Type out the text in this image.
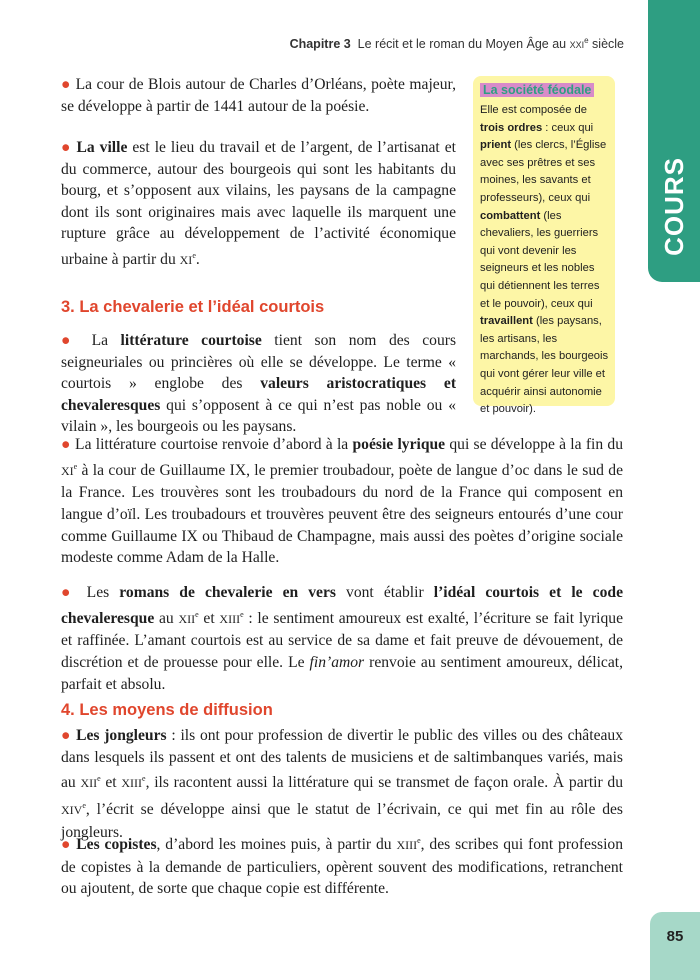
Chapitre 3 Le récit et le roman du Moyen Âge au XXIe siècle
COURS
85
La société féodale
Elle est composée de trois ordres : ceux qui prient (les clercs, l’Église avec ses prêtres et ses moines, les savants et professeurs), ceux qui combattent (les chevaliers, les guerriers qui vont devenir les seigneurs et les nobles qui détiennent les terres et le pouvoir), ceux qui travaillent (les paysans, les artisans, les marchands, les bourgeois qui vont gérer leur ville et acquérir ainsi autonomie et pouvoir).

● La cour de Blois autour de Charles d’Orléans, poète majeur, se développe à partir de 1441 autour de la poésie.

● La ville est le lieu du travail et de l’argent, de l’artisanat et du commerce, autour des bourgeois qui sont les habitants du bourg, et s’opposent aux vilains, les paysans de la campagne dont ils sont originaires mais avec laquelle ils marquent une rupture grâce au développement de l’activité économique urbaine à partir du XIe.

3. La chevalerie et l’idéal courtois

● La littérature courtoise tient son nom des cours seigneuriales ou princières où elle se développe. Le terme « courtois » englobe des valeurs aristocratiques et chevaleresques qui s’opposent à ce qui n’est pas noble ou « vilain », les bourgeois ou les paysans.

● La littérature courtoise renvoie d’abord à la poésie lyrique qui se développe à la fin du XIe à la cour de Guillaume IX, le premier troubadour, poète de langue d’oc dans le sud de la France. Les trouvères sont les troubadours du nord de la France qui composent en langue d’oïl. Les troubadours et trouvères peuvent être des seigneurs entourés d’une cour comme Guillaume IX ou Thibaud de Champagne, mais aussi des poètes d’origine sociale modeste comme Adam de la Halle.

● Les romans de chevalerie en vers vont établir l’idéal courtois et le code chevaleresque au XIIe et XIIIe : le sentiment amoureux est exalté, l’écriture se fait lyrique et raffinée. L’amant courtois est au service de sa dame et fait preuve de dévouement, de discrétion et de prouesse pour elle. Le fin’amor renvoie au sentiment amoureux, délicat, parfait et absolu.

4. Les moyens de diffusion

● Les jongleurs : ils ont pour profession de divertir le public des villes ou des châteaux dans lesquels ils passent et ont des talents de musiciens et de saltimbanques variés, mais au XIIe et XIIIe, ils racontent aussi la littérature qui se transmet de façon orale. À partir du XIVe, l’écrit se développe ainsi que le statut de l’écrivain, ce qui met fin au rôle des jongleurs.

● Les copistes, d’abord les moines puis, à partir du XIIIe, des scribes qui font profession de copistes à la demande de particuliers, opèrent souvent des modifications, retranchent ou ajoutent, de sorte que chaque copie est différente.
